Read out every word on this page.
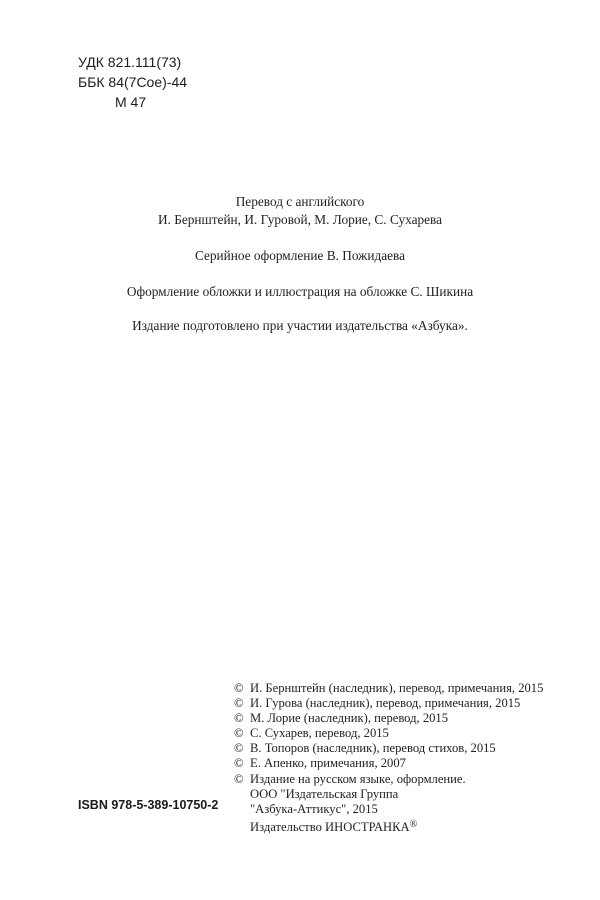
УДК 821.111(73)
ББК 84(7Сое)-44
М 47
Перевод с английского
И. Бернштейн, И. Гуровой, М. Лорие, С. Сухарева
Серийное оформление В. Пожидаева
Оформление обложки и иллюстрация на обложке С. Шикина
Издание подготовлено при участии издательства «Азбука».
© И. Бернштейн (наследник), перевод, примечания, 2015
© И. Гурова (наследник), перевод, примечания, 2015
© М. Лорие (наследник), перевод, 2015
© С. Сухарев, перевод, 2015
© В. Топоров (наследник), перевод стихов, 2015
© Е. Апенко, примечания, 2007
© Издание на русском языке, оформление.
ООО "Издательская Группа
"Азбука-Аттикус", 2015
Издательство ИНОСТРАНКА®
ISBN 978-5-389-10750-2
